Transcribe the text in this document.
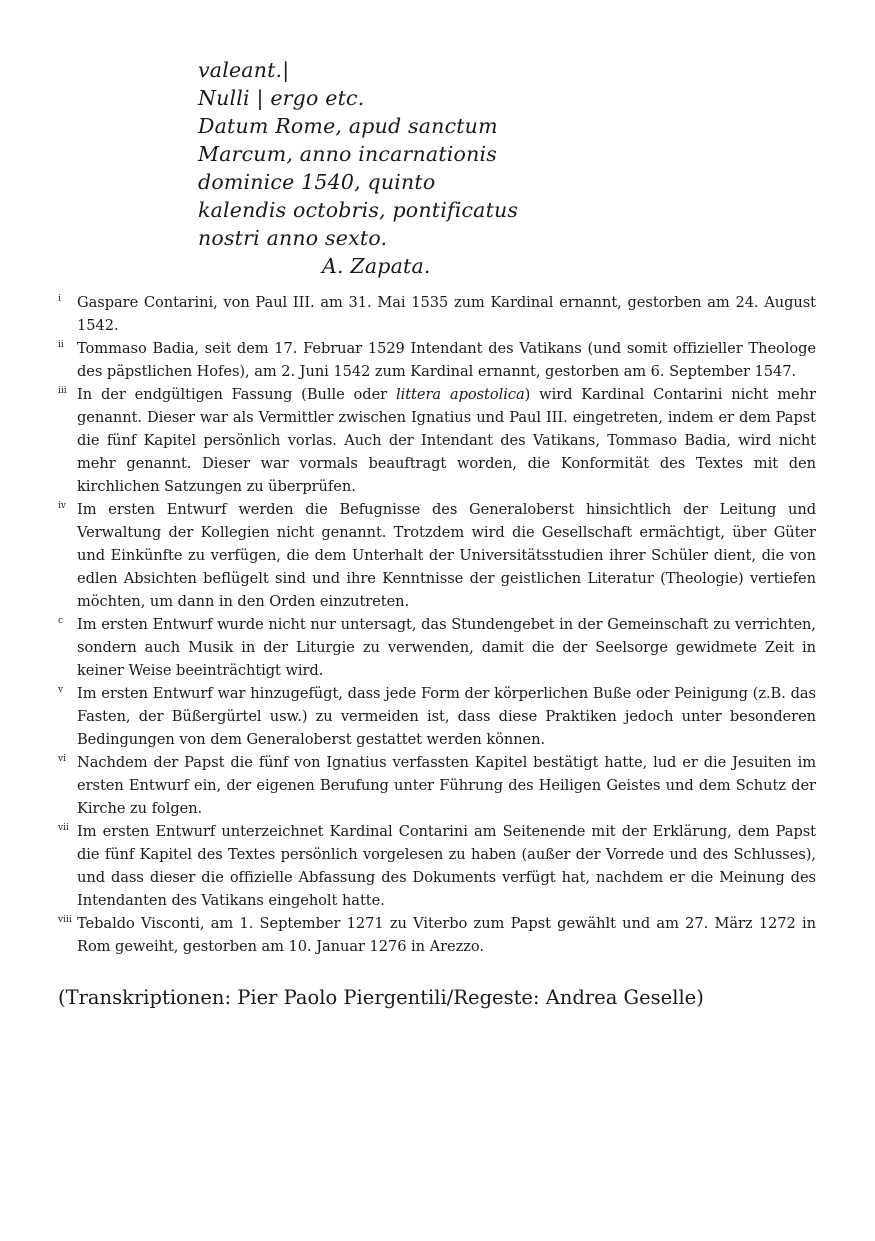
valeant.|
Nulli | ergo etc.
Datum Rome, apud sanctum
Marcum, anno incarnationis
dominice 1540, quinto
kalendis octobris, pontificatus
nostri anno sexto.
A. Zapata.
i Gaspare Contarini, von Paul III. am 31. Mai 1535 zum Kardinal ernannt, gestorben am 24. August 1542.
ii Tommaso Badia, seit dem 17. Februar 1529 Intendant des Vatikans (und somit offizieller Theologe des päpstlichen Hofes), am 2. Juni 1542 zum Kardinal ernannt, gestorben am 6. September 1547.
iii In der endgültigen Fassung (Bulle oder littera apostolica) wird Kardinal Contarini nicht mehr genannt. Dieser war als Vermittler zwischen Ignatius und Paul III. eingetreten, indem er dem Papst die fünf Kapitel persönlich vorlas. Auch der Intendant des Vatikans, Tommaso Badia, wird nicht mehr genannt. Dieser war vormals beauftragt worden, die Konformität des Textes mit den kirchlichen Satzungen zu überprüfen.
iv Im ersten Entwurf werden die Befugnisse des Generaloberst hinsichtlich der Leitung und Verwaltung der Kollegien nicht genannt. Trotzdem wird die Gesellschaft ermächtigt, über Güter und Einkünfte zu verfügen, die dem Unterhalt der Universitätsstudien ihrer Schüler dient, die von edlen Absichten beflügelt sind und ihre Kenntnisse der geistlichen Literatur (Theologie) vertiefen möchten, um dann in den Orden einzutreten.
c Im ersten Entwurf wurde nicht nur untersagt, das Stundengebet in der Gemeinschaft zu verrichten, sondern auch Musik in der Liturgie zu verwenden, damit die der Seelsorge gewidmete Zeit in keiner Weise beeinträchtigt wird.
v Im ersten Entwurf war hinzugefügt, dass jede Form der körperlichen Buße oder Peinigung (z.B. das Fasten, der Büßergürtel usw.) zu vermeiden ist, dass diese Praktiken jedoch unter besonderen Bedingungen von dem Generaloberst gestattet werden können.
vi Nachdem der Papst die fünf von Ignatius verfassten Kapitel bestätigt hatte, lud er die Jesuiten im ersten Entwurf ein, der eigenen Berufung unter Führung des Heiligen Geistes und dem Schutz der Kirche zu folgen.
vii Im ersten Entwurf unterzeichnet Kardinal Contarini am Seitenende mit der Erklärung, dem Papst die fünf Kapitel des Textes persönlich vorgelesen zu haben (außer der Vorrede und des Schlusses), und dass dieser die offizielle Abfassung des Dokuments verfügt hat, nachdem er die Meinung des Intendanten des Vatikans eingeholt hatte.
viii Tebaldo Visconti, am 1. September 1271 zu Viterbo zum Papst gewählt und am 27. März 1272 in Rom geweiht, gestorben am 10. Januar 1276 in Arezzo.
(Transkriptionen: Pier Paolo Piergentili/Regeste: Andrea Geselle)
